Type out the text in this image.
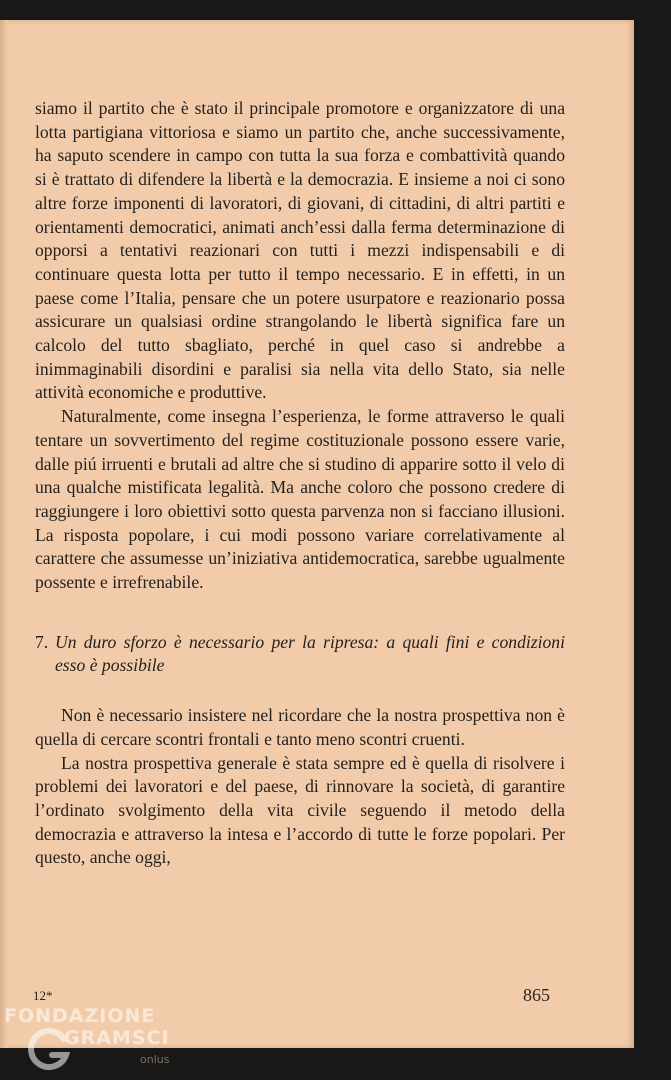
siamo il partito che è stato il principale promotore e organizzatore di una lotta partigiana vittoriosa e siamo un partito che, anche successivamente, ha saputo scendere in campo con tutta la sua forza e combattività quando si è trattato di difendere la libertà e la democrazia. E insieme a noi ci sono altre forze imponenti di lavoratori, di giovani, di cittadini, di altri partiti e orientamenti democratici, animati anch’essi dalla ferma determinazione di opporsi a tentativi reazionari con tutti i mezzi indispensabili e di continuare questa lotta per tutto il tempo necessario. E in effetti, in un paese come l’Italia, pensare che un potere usurpatore e reazionario possa assicurare un qualsiasi ordine strangolando le libertà significa fare un calcolo del tutto sbagliato, perché in quel caso si andrebbe a inimmaginabili disordini e paralisi sia nella vita dello Stato, sia nelle attività economiche e produttive.

Naturalmente, come insegna l’esperienza, le forme attraverso le quali tentare un sovvertimento del regime costituzionale possono essere varie, dalle piú irruenti e brutali ad altre che si studino di apparire sotto il velo di una qualche mistificata legalità. Ma anche coloro che possono credere di raggiungere i loro obiettivi sotto questa parvenza non si facciano illusioni. La risposta popolare, i cui modi possono variare correlativamente al carattere che assumesse un’iniziativa antidemocratica, sarebbe ugualmente possente e irrefrenabile.

7. Un duro sforzo è necessario per la ripresa: a quali fini e condizioni esso è possibile

Non è necessario insistere nel ricordare che la nostra prospettiva non è quella di cercare scontri frontali e tanto meno scontri cruenti.

La nostra prospettiva generale è stata sempre ed è quella di risolvere i problemi dei lavoratori e del paese, di rinnovare la società, di garantire l’ordinato svolgimento della vita civile seguendo il metodo della democrazia e attraverso la intesa e l’accordo di tutte le forze popolari. Per questo, anche oggi,

12*	865
FONDAZIONE
GRAMSCI
onlus
